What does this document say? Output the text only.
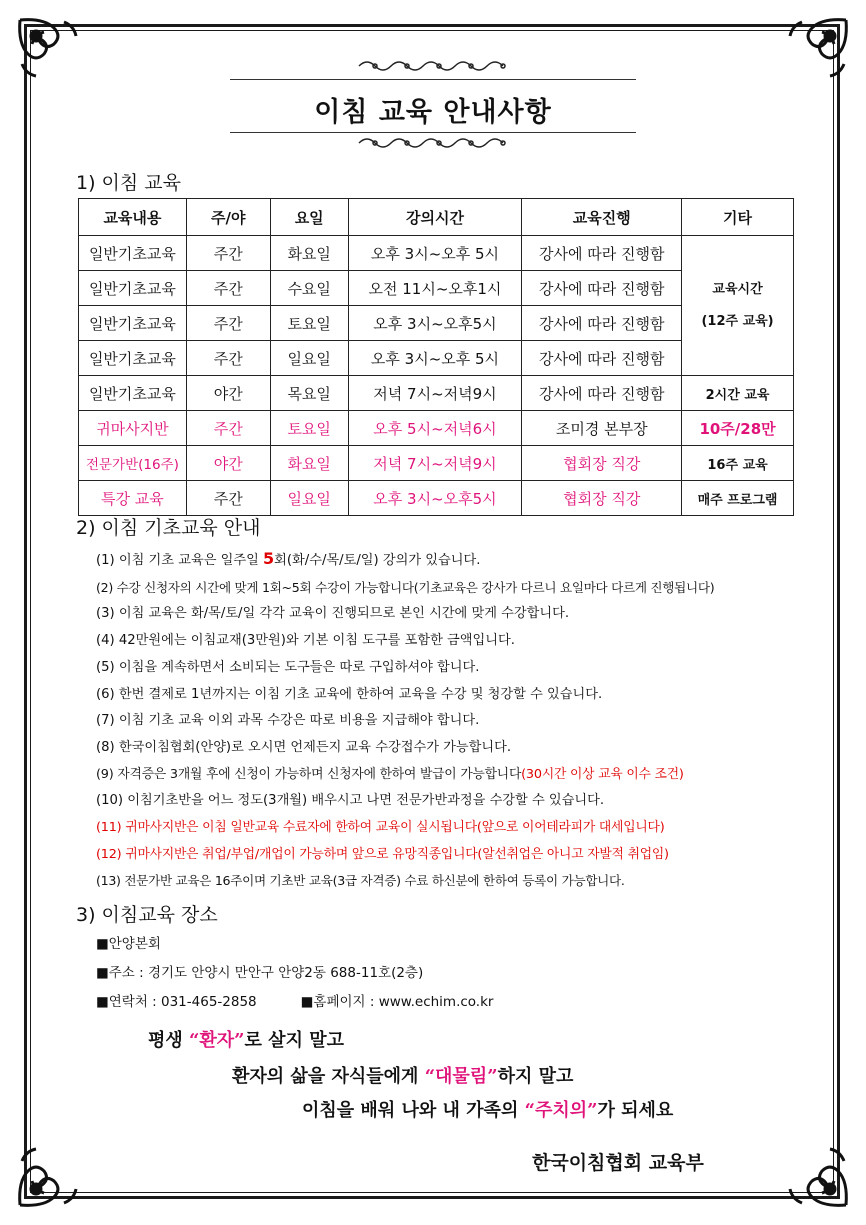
이침 교육 안내사항
1) 이침 교육
교육내용	주/야	요일	강의시간	교육진행	기타
일반기초교육	주간	화요일	오후 3시~오후 5시	강사에 따라 진행함	교육시간
(12주 교육)

일반기초교육	주간	수요일	오전 11시~오후1시	강사에 따라 진행함	
일반기초교육	주간	토요일	오후 3시~오후5시	강사에 따라 진행함	
일반기초교육	주간	일요일	오후 3시~오후 5시	강사에 따라 진행함	
일반기초교육	야간	목요일	저녁 7시~저녁9시	강사에 따라 진행함	2시간 교육
귀마사지반	주간	토요일	오후 5시~저녁6시	조미경 본부장	10주/28만
전문가반(16주)	야간	화요일	저녁 7시~저녁9시	협회장 직강	16주 교육
특강 교육	주간	일요일	오후 3시~오후5시	협회장 직강	매주 프로그램
2) 이침 기초교육 안내
(1) 이침 기초 교육은 일주일 5회(화/수/목/토/일) 강의가 있습니다.
(2) 수강 신청자의 시간에 맞게 1회~5회 수강이 가능합니다(기초교육은 강사가 다르니 요일마다 다르게 진행됩니다)
(3) 이침 교육은 화/목/토/일 각각 교육이 진행되므로 본인 시간에 맞게 수강합니다.
(4) 42만원에는 이침교재(3만원)와 기본 이침 도구를 포함한 금액입니다.
(5) 이침을 계속하면서 소비되는 도구들은 따로 구입하셔야 합니다.
(6) 한번 결제로 1년까지는 이침 기초 교육에 한하여 교육을 수강 및 청강할 수 있습니다.
(7) 이침 기초 교육 이외 과목 수강은 따로 비용을 지급해야 합니다.
(8) 한국이침협회(안양)로 오시면 언제든지 교육 수강접수가 가능합니다.
(9) 자격증은 3개월 후에 신청이 가능하며 신청자에 한하여 발급이 가능합니다(30시간 이상 교육 이수 조건)
(10) 이침기초반을 어느 정도(3개월) 배우시고 나면 전문가반과정을 수강할 수 있습니다.
(11) 귀마사지반은 이침 일반교육 수료자에 한하여 교육이 실시됩니다(앞으로 이어테라피가 대세입니다)
(12) 귀마사지반은 취업/부업/개업이 가능하며 앞으로 유망직종입니다(알선취업은 아니고 자발적 취업임)
(13) 전문가반 교육은 16주이며 기초반 교육(3급 자격증) 수료 하신분에 한하여 등록이 가능합니다.
3) 이침교육 장소
■안양본회
■주소 : 경기도 안양시 만안구 안양2동 688-11호(2층)
■연락처 : 031-465-2858	■홈페이지 : www.echim.co.kr
평생 “환자”로 살지 말고
환자의 삶을 자식들에게 “대물림”하지 말고
이침을 배워 나와 내 가족의 “주치의”가 되세요
한국이침협회 교육부
